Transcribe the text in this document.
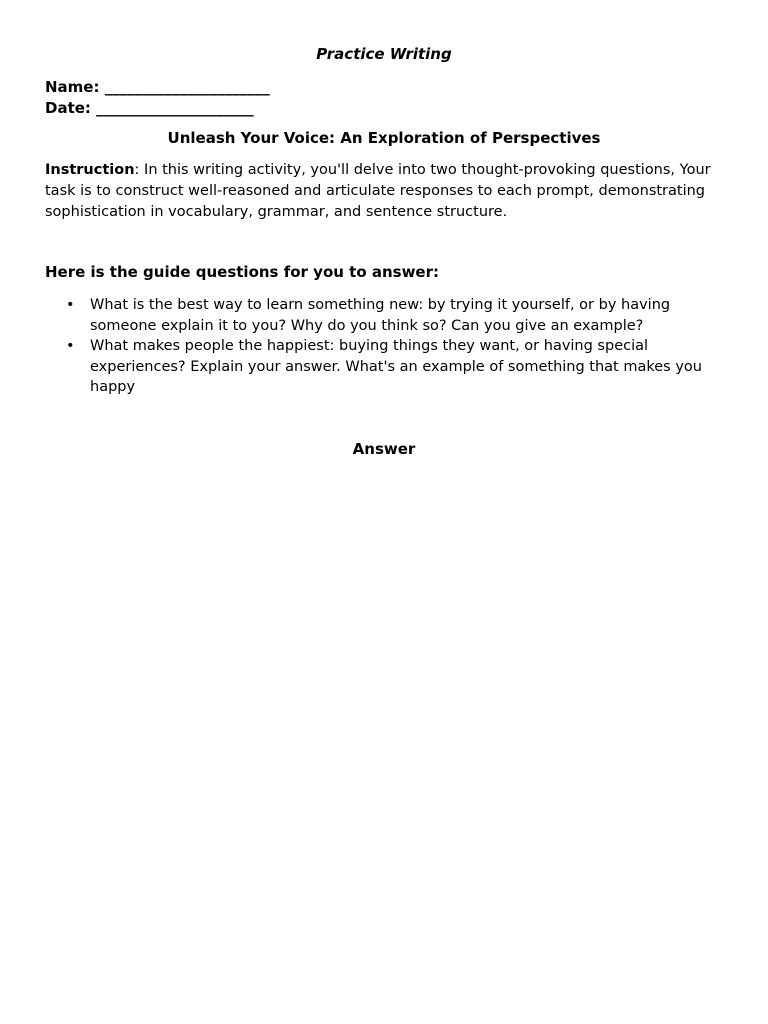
Practice Writing
Name: ______________________
Date: _____________________
Unleash Your Voice: An Exploration of Perspectives
Instruction: In this writing activity, you'll delve into two thought-provoking questions, Your task is to construct well-reasoned and articulate responses to each prompt, demonstrating sophistication in vocabulary, grammar, and sentence structure.
Here is the guide questions for you to answer:
• What is the best way to learn something new: by trying it yourself, or by having someone explain it to you? Why do you think so? Can you give an example?
• What makes people the happiest: buying things they want, or having special experiences? Explain your answer. What's an example of something that makes you happy
Answer
